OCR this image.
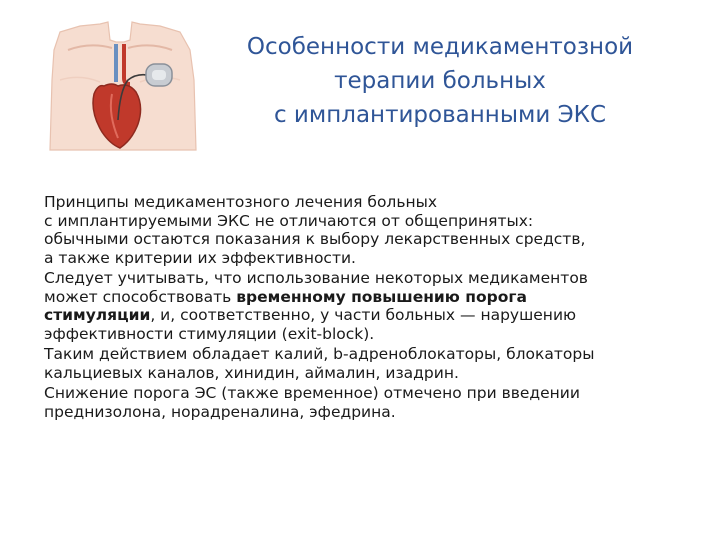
Особенности медикаментозной
терапии больных
с имплантированными ЭКС

Принципы медикаментозного лечения больных
с имплантируемыми ЭКС не отличаются от общепринятых:
обычными остаются показания к выбору лекарственных средств,
а также критерии их эффективности.

Следует учитывать, что использование некоторых медикаментов
может способствовать временному повышению порога
стимуляции, и, соответственно, у части больных — нарушению
эффективности стимуляции (exit-block).

Таким действием обладает калий, b-адреноблокаторы, блокаторы
кальциевых каналов, хинидин, аймалин, изадрин.

Снижение порога ЭС (также временное) отмечено при введении
преднизолона, норадреналина, эфедрина.
